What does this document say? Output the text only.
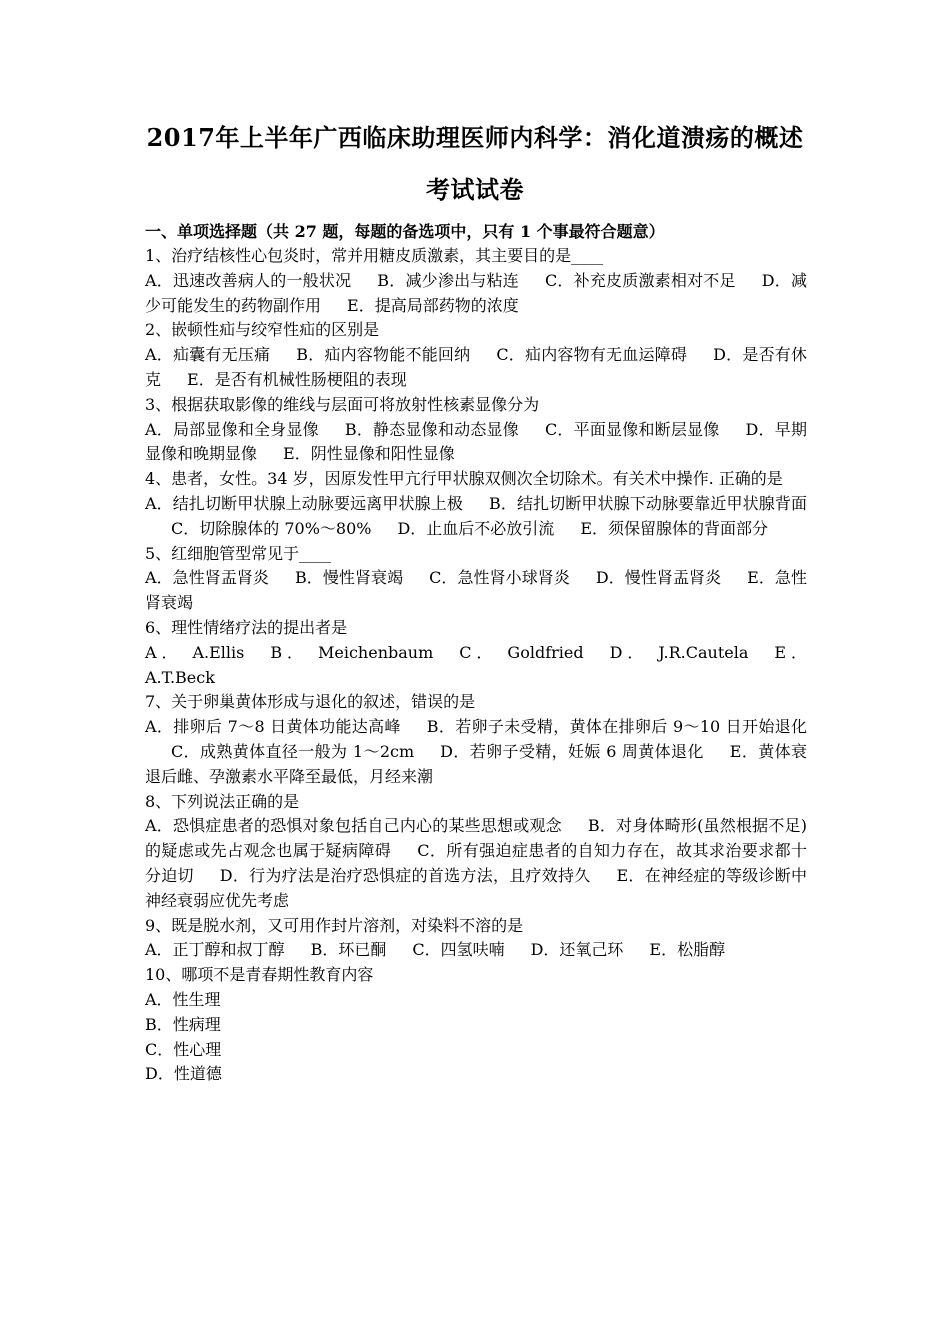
2017年上半年广西临床助理医师内科学：消化道溃疡的概述考试试卷
一、单项选择题（共 27 题，每题的备选项中，只有 1 个事最符合题意）
1、治疗结核性心包炎时，常并用糖皮质激素，其主要目的是____
A．迅速改善病人的一般状况 B．减少渗出与粘连 C．补充皮质激素相对不足 D．减少可能发生的药物副作用 E．提高局部药物的浓度
2、嵌顿性疝与绞窄性疝的区别是
A．疝囊有无压痛 B．疝内容物能不能回纳 C．疝内容物有无血运障碍 D．是否有休克 E．是否有机械性肠梗阻的表现
3、根据获取影像的维线与层面可将放射性核素显像分为
A．局部显像和全身显像 B．静态显像和动态显像 C．平面显像和断层显像 D．早期显像和晚期显像 E．阴性显像和阳性显像
4、患者，女性。34 岁，因原发性甲亢行甲状腺双侧次全切除术。有关术中操作. 正确的是
A．结扎切断甲状腺上动脉要远离甲状腺上极 B．结扎切断甲状腺下动脉要靠近甲状腺背面C．切除腺体的 70%～80% D．止血后不必放引流 E．须保留腺体的背面部分
5、红细胞管型常见于____
A．急性肾盂肾炎 B．慢性肾衰竭 C．急性肾小球肾炎 D．慢性肾盂肾炎 E．急性肾衰竭
6、理性情绪疗法的提出者是
A． A.Ellis B． Meichenbaum C． Goldfried D． J.R.Cautela E． A.T.Beck
7、关于卵巢黄体形成与退化的叙述，错误的是
A．排卵后 7～8 日黄体功能达高峰 B．若卵子未受精，黄体在排卵后 9～10 日开始退化C．成熟黄体直径一般为 1～2cm D．若卵子受精，妊娠 6 周黄体退化 E．黄体衰退后雌、孕激素水平降至最低，月经来潮
8、下列说法正确的是
A．恐惧症患者的恐惧对象包括自己内心的某些思想或观念 B．对身体畸形(虽然根据不足)的疑虑或先占观念也属于疑病障碍 C．所有强迫症患者的自知力存在，故其求治要求都十分迫切 D．行为疗法是治疗恐惧症的首选方法，且疗效持久 E．在神经症的等级诊断中神经衰弱应优先考虑
9、既是脱水剂，又可用作封片溶剂，对染料不溶的是
A．正丁醇和叔丁醇 B．环已酮 C．四氢呋喃 D．还氧己环 E．松脂醇
10、哪项不是青春期性教育内容
A．性生理
B．性病理
C．性心理
D．性道德
